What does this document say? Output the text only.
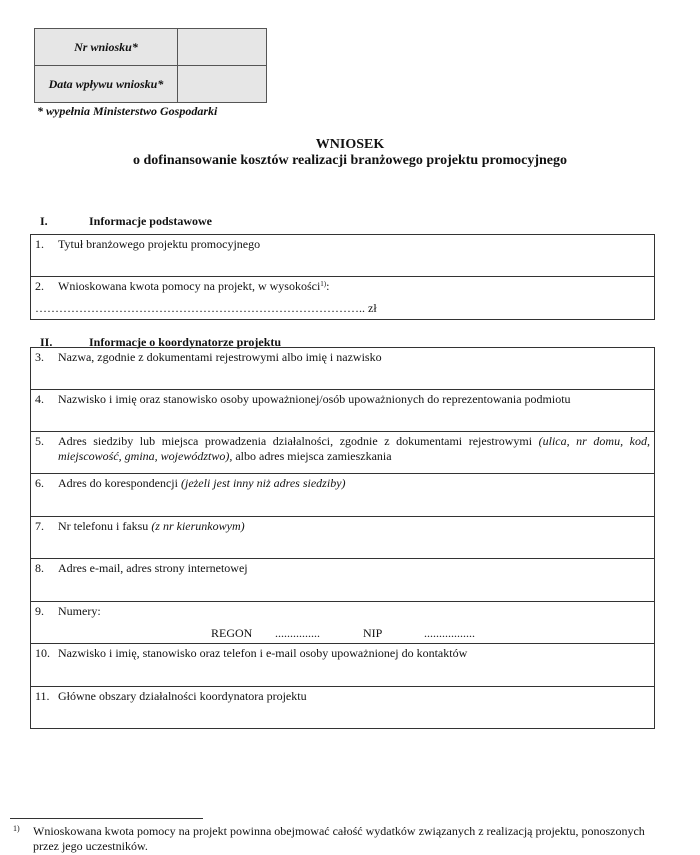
Nr wniosku*	
Data wpływu wniosku*	
* wypełnia Ministerstwo Gospodarki
WNIOSEK
o dofinansowanie kosztów realizacji branżowego projektu promocyjnego
I.	Informacje podstawowe
1. Tytuł branżowego projektu promocyjnego
2. Wnioskowana kwota pomocy na projekt, w wysokości$^{1)}$:
……………………………………………………………………….. zł
II.	Informacje o koordynatorze projektu
3. Nazwa, zgodnie z dokumentami rejestrowymi albo imię i nazwisko
4. Nazwisko i imię oraz stanowisko osoby upoważnionej/osób upoważnionych do reprezentowania podmiotu
5. Adres siedziby lub miejsca prowadzenia działalności, zgodnie z dokumentami rejestrowymi (ulica, nr domu, kod, miejscowość, gmina, województwo), albo adres miejsca zamieszkania
6. Adres do korespondencji (jeżeli jest inny niż adres siedziby)
7. Nr telefonu i faksu (z nr kierunkowym)
8. Adres e-mail, adres strony internetowej
9. Numery:
REGON ...............	NIP	.................
10. Nazwisko i imię, stanowisko oraz telefon i e-mail osoby upoważnionej do kontaktów
11. Główne obszary działalności koordynatora projektu
1) Wnioskowana kwota pomocy na projekt powinna obejmować całość wydatków związanych z realizacją projektu, ponoszonych przez jego uczestników.
